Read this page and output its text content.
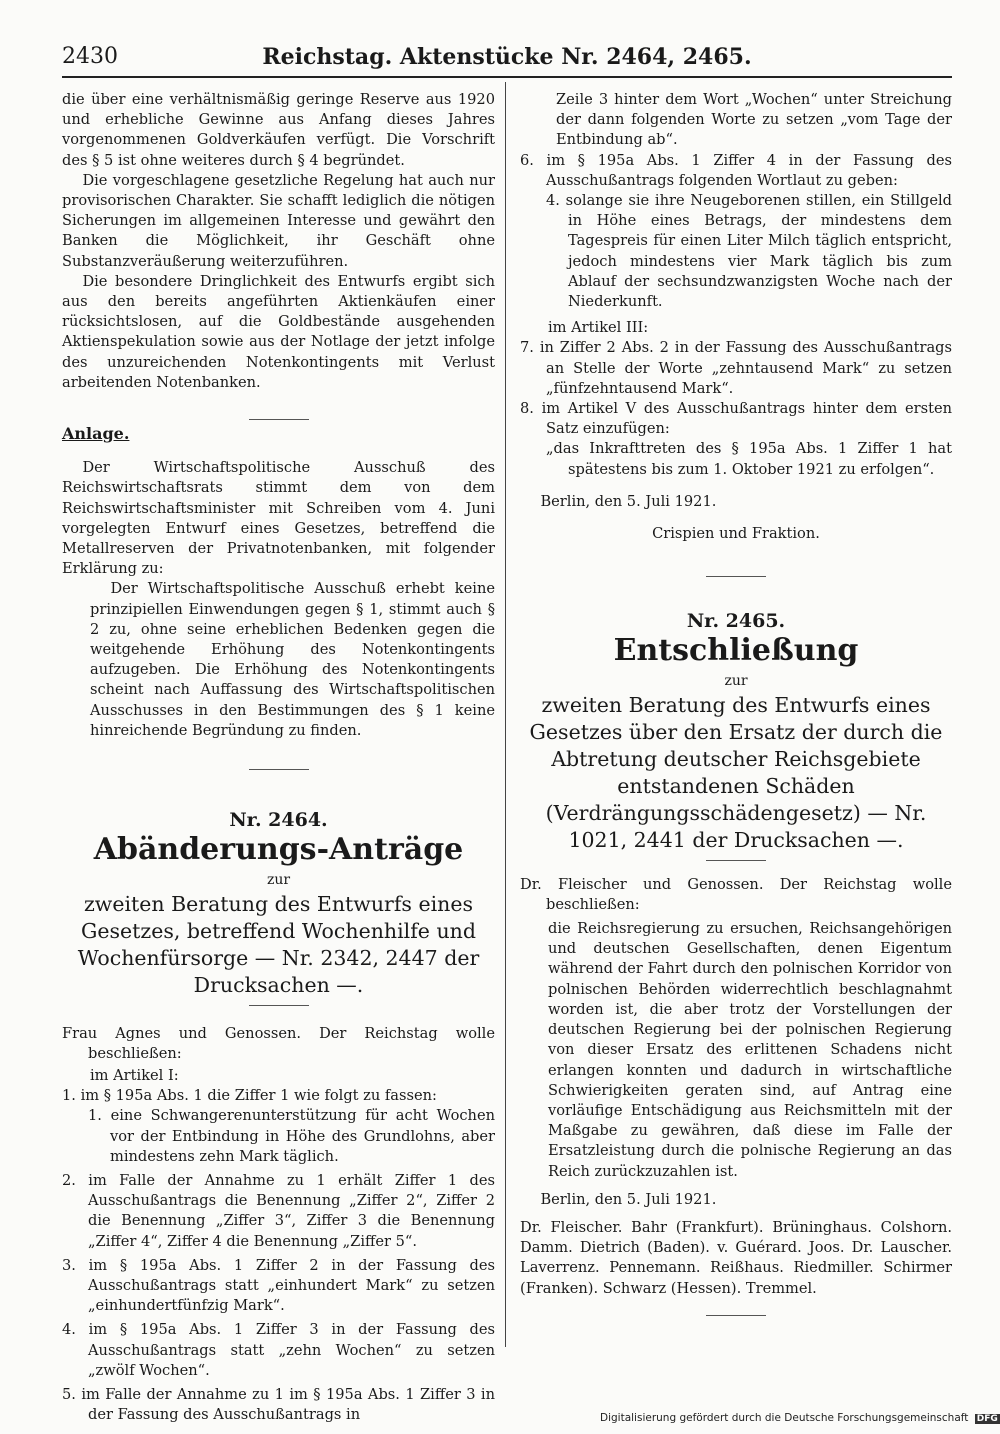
2430	Reichstag. Aktenstücke Nr. 2464, 2465.

die über eine verhältnismäßig geringe Reserve aus 1920 und erhebliche Gewinne aus Anfang dieses Jahres vorgenommenen Goldverkäufen verfügt. Die Vorschrift des § 5 ist ohne weiteres durch § 4 begründet.

Die vorgeschlagene gesetzliche Regelung hat auch nur provisorischen Charakter. Sie schafft lediglich die nötigen Sicherungen im allgemeinen Interesse und gewährt den Banken die Möglichkeit, ihr Geschäft ohne Substanzveräußerung weiterzuführen.

Die besondere Dringlichkeit des Entwurfs ergibt sich aus den bereits angeführten Aktienkäufen einer rücksichtslosen, auf die Goldbestände ausgehenden Aktienspekulation sowie aus der Notlage der jetzt infolge des unzureichenden Notenkontingents mit Verlust arbeitenden Notenbanken.

Anlage.

Der Wirtschaftspolitische Ausschuß des Reichswirtschaftsrats stimmt dem von dem Reichswirtschaftsminister mit Schreiben vom 4. Juni vorgelegten Entwurf eines Gesetzes, betreffend die Metallreserven der Privatnotenbanken, mit folgender Erklärung zu:

Der Wirtschaftspolitische Ausschuß erhebt keine prinzipiellen Einwendungen gegen § 1, stimmt auch § 2 zu, ohne seine erheblichen Bedenken gegen die weitgehende Erhöhung des Notenkontingents aufzugeben. Die Erhöhung des Notenkontingents scheint nach Auffassung des Wirtschaftspolitischen Ausschusses in den Bestimmungen des § 1 keine hinreichende Begründung zu finden.

Nr. 2464.

Abänderungs-Anträge

zur

zweiten Beratung des Entwurfs eines Gesetzes, betreffend Wochenhilfe und Wochenfürsorge — Nr. 2342, 2447 der Drucksachen —.

Frau Agnes und Genossen. Der Reichstag wolle beschließen:

im Artikel I:

1. im § 195a Abs. 1 die Ziffer 1 wie folgt zu fassen:

1. eine Schwangerenunterstützung für acht Wochen vor der Entbindung in Höhe des Grundlohns, aber mindestens zehn Mark täglich.

2. im Falle der Annahme zu 1 erhält Ziffer 1 des Ausschußantrags die Benennung „Ziffer 2“, Ziffer 2 die Benennung „Ziffer 3“, Ziffer 3 die Benennung „Ziffer 4“, Ziffer 4 die Benennung „Ziffer 5“.

3. im § 195a Abs. 1 Ziffer 2 in der Fassung des Ausschußantrags statt „einhundert Mark“ zu setzen „einhundertfünfzig Mark“.

4. im § 195a Abs. 1 Ziffer 3 in der Fassung des Ausschußantrags statt „zehn Wochen“ zu setzen „zwölf Wochen“.

5. im Falle der Annahme zu 1 im § 195a Abs. 1 Ziffer 3 in der Fassung des Ausschußantrags in

Zeile 3 hinter dem Wort „Wochen“ unter Streichung der dann folgenden Worte zu setzen „vom Tage der Entbindung ab“.

6. im § 195a Abs. 1 Ziffer 4 in der Fassung des Ausschußantrags folgenden Wortlaut zu geben:

4. solange sie ihre Neugeborenen stillen, ein Stillgeld in Höhe eines Betrags, der mindestens dem Tagespreis für einen Liter Milch täglich entspricht, jedoch mindestens vier Mark täglich bis zum Ablauf der sechsundzwanzigsten Woche nach der Niederkunft.

im Artikel III:

7. in Ziffer 2 Abs. 2 in der Fassung des Ausschußantrags an Stelle der Worte „zehntausend Mark“ zu setzen „fünfzehntausend Mark“.

8. im Artikel V des Ausschußantrags hinter dem ersten Satz einzufügen:

„das Inkrafttreten des § 195a Abs. 1 Ziffer 1 hat spätestens bis zum 1. Oktober 1921 zu erfolgen“.

Berlin, den 5. Juli 1921.

Crispien und Fraktion.

Nr. 2465.

Entschließung

zur

zweiten Beratung des Entwurfs eines Gesetzes über den Ersatz der durch die Abtretung deutscher Reichsgebiete entstandenen Schäden (Verdrängungsschädengesetz) — Nr. 1021, 2441 der Drucksachen —.

Dr. Fleischer und Genossen. Der Reichstag wolle beschließen:

die Reichsregierung zu ersuchen, Reichsangehörigen und deutschen Gesellschaften, denen Eigentum während der Fahrt durch den polnischen Korridor von polnischen Behörden widerrechtlich beschlagnahmt worden ist, die aber trotz der Vorstellungen der deutschen Regierung bei der polnischen Regierung von dieser Ersatz des erlittenen Schadens nicht erlangen konnten und dadurch in wirtschaftliche Schwierigkeiten geraten sind, auf Antrag eine vorläufige Entschädigung aus Reichsmitteln mit der Maßgabe zu gewähren, daß diese im Falle der Ersatzleistung durch die polnische Regierung an das Reich zurückzuzahlen ist.

Berlin, den 5. Juli 1921.

Dr. Fleischer. Bahr (Frankfurt). Brüninghaus. Colshorn. Damm. Dietrich (Baden). v. Guérard. Joos. Dr. Lauscher. Laverrenz. Pennemann. Reißhaus. Riedmiller. Schirmer (Franken). Schwarz (Hessen). Tremmel.

Digitalisierung gefördert durch die Deutsche Forschungsgemeinschaft DFG
